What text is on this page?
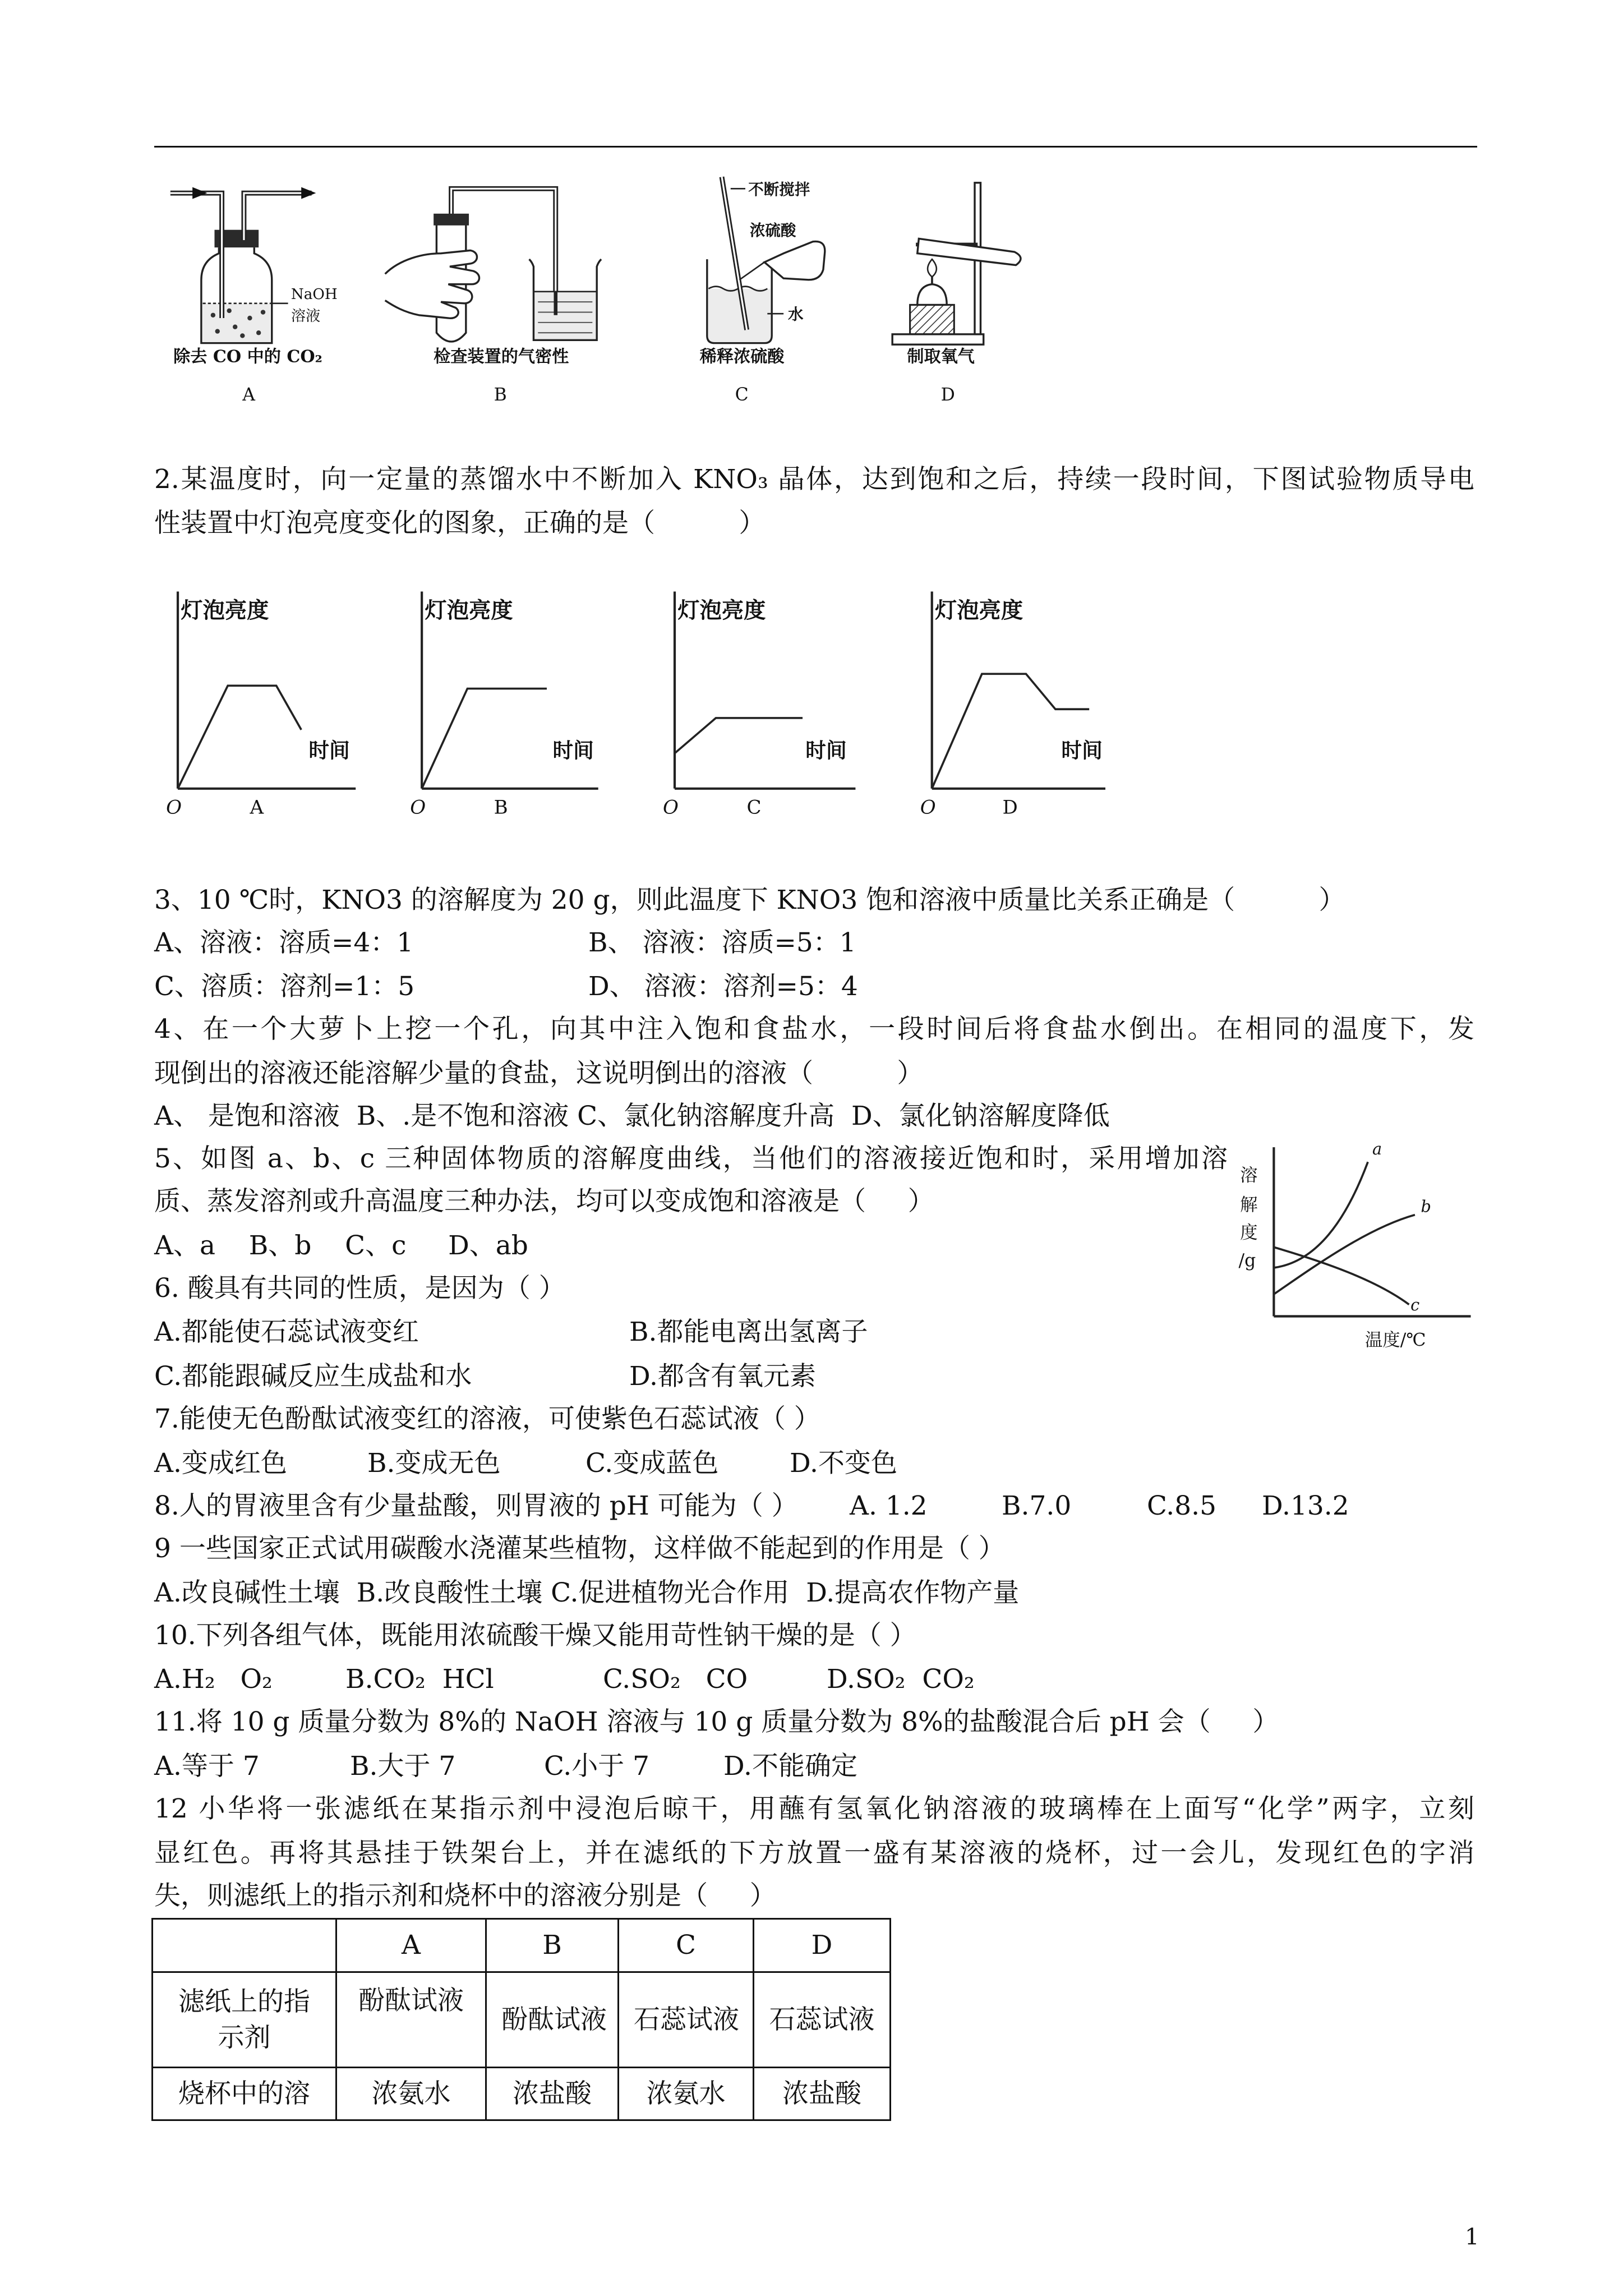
NaOH
溶液
除去 CO 中的 CO₂
A
检查装置的气密性
B
不断搅拌
浓硫酸
水
稀释浓硫酸
C
制取氧气
D
2.某温度时，向一定量的蒸馏水中不断加入 KNO₃ 晶体，达到饱和之后，持续一段时间，下图试验物质导电
性装置中灯泡亮度变化的图象，正确的是（          ）
灯泡亮度
时间
O	A
灯泡亮度
时间
O	B
灯泡亮度
时间
O	C
灯泡亮度
时间
O	D
3、10 ℃时，KNO3 的溶解度为 20 g，则此温度下 KNO3 饱和溶液中质量比关系正确是（          ）
A、溶液：溶质=4：1	B、 溶液：溶质=5：1
C、溶质：溶剂=1：5	D、 溶液：溶剂=5：4
4、在一个大萝卜上挖一个孔，向其中注入饱和食盐水，一段时间后将食盐水倒出。在相同的温度下，发
现倒出的溶液还能溶解少量的食盐，这说明倒出的溶液（          ）
A、 是饱和溶液  B、.是不饱和溶液 C、氯化钠溶解度升高  D、氯化钠溶解度降低
5、如图 a、b、c 三种固体物质的溶解度曲线，当他们的溶液接近饱和时，采用增加溶
质、蒸发溶剂或升高温度三种办法，均可以变成饱和溶液是（     ）
A、a    B、b    C、c     D、ab
溶
解
度
/g
a
b
c
温度/℃
6. 酸具有共同的性质，是因为（ ）
A.都能使石蕊试液变红	B.都能电离出氢离子
C.都能跟碱反应生成盐和水	D.都含有氧元素
7.能使无色酚酞试液变红的溶液，可使紫色石蕊试液（ ）
A.变成红色	B.变成无色	C.变成蓝色	D.不变色
8.人的胃液里含有少量盐酸，则胃液的 pH 可能为（ ） A. 1.2	B.7.0	C.8.5 D.13.2
9 一些国家正式试用碳酸水浇灌某些植物，这样做不能起到的作用是（ ）
A.改良碱性土壤  B.改良酸性土壤 C.促进植物光合作用  D.提高农作物产量
10.下列各组气体，既能用浓硫酸干燥又能用苛性钠干燥的是（ ）
A.H₂   O₂	B.CO₂  HCl	C.SO₂   CO	D.SO₂  CO₂
11.将 10 g 质量分数为 8%的 NaOH 溶液与 10 g 质量分数为 8%的盐酸混合后 pH 会（     ）
A.等于 7	B.大于 7	C.小于 7	D.不能确定
12 小华将一张滤纸在某指示剂中浸泡后晾干，用蘸有氢氧化钠溶液的玻璃棒在上面写“化学”两字，立刻
显红色。再将其悬挂于铁架台上，并在滤纸的下方放置一盛有某溶液的烧杯，过一会儿，发现红色的字消
失，则滤纸上的指示剂和烧杯中的溶液分别是（     ）
	A	B	C	D
滤纸上的指示剂	酚酞试液	酚酞试液	石蕊试液	石蕊试液
烧杯中的溶	浓氨水	浓盐酸	浓氨水	浓盐酸
1
